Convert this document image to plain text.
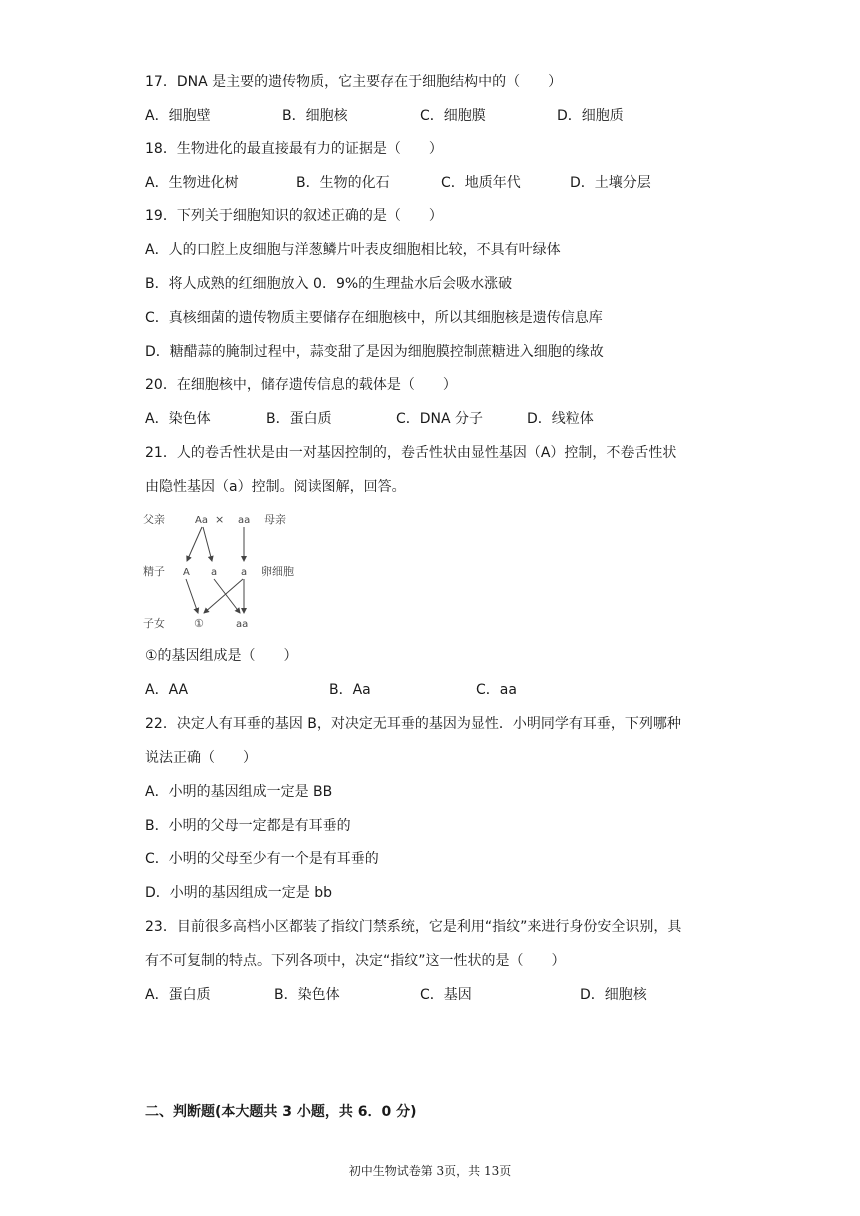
17．DNA 是主要的遗传物质，它主要存在于细胞结构中的（　　）
A．细胞壁	B．细胞核	C．细胞膜	D．细胞质
18．生物进化的最直接最有力的证据是（　　）
A．生物进化树	B．生物的化石	C．地质年代	D．土壤分层
19．下列关于细胞知识的叙述正确的是（　　）
A．人的口腔上皮细胞与洋葱鳞片叶表皮细胞相比较，不具有叶绿体
B．将人成熟的红细胞放入 0．9%的生理盐水后会吸水涨破
C．真核细菌的遗传物质主要储存在细胞核中，所以其细胞核是遗传信息库
D．糖醋蒜的腌制过程中，蒜变甜了是因为细胞膜控制蔗糖进入细胞的缘故
20．在细胞核中，储存遗传信息的载体是（　　）
A．染色体	B．蛋白质	C．DNA 分子	D．线粒体
21．人的卷舌性状是由一对基因控制的，卷舌性状由显性基因（A）控制，不卷舌性状
由隐性基因（a）控制。阅读图解，回答。
父亲	Aa × aa 母亲
精子 A a a 卵细胞
子女	①	aa
①的基因组成是（　　）
A．AA	B．Aa	C．aa
22．决定人有耳垂的基因 B，对决定无耳垂的基因为显性．小明同学有耳垂，下列哪种
说法正确（　　）
A．小明的基因组成一定是 BB
B．小明的父母一定都是有耳垂的
C．小明的父母至少有一个是有耳垂的
D．小明的基因组成一定是 bb
23．目前很多高档小区都装了指纹门禁系统，它是利用“指纹”来进行身份安全识别，具
有不可复制的特点。下列各项中，决定“指纹”这一性状的是（　　）
A．蛋白质	B．染色体	C．基因	D．细胞核
二、判断题(本大题共 3 小题，共 6．0 分)
初中生物试卷第 3页，共 13页
